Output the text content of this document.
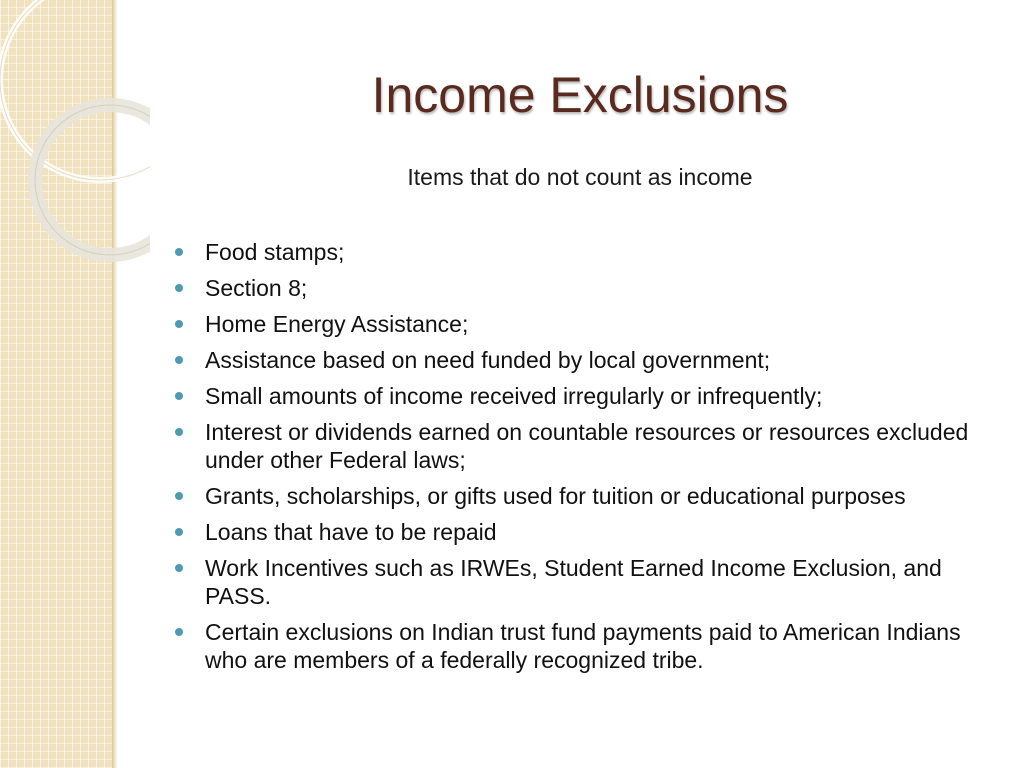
Income Exclusions

Items that do not count as income

Food stamps;
Section 8;
Home Energy Assistance;
Assistance based on need funded by local government;
Small amounts of income received irregularly or infrequently;
Interest or dividends earned on countable resources or resources excluded under other Federal laws;
Grants, scholarships, or gifts used for tuition or educational purposes
Loans that have to be repaid
Work Incentives such as IRWEs, Student Earned Income Exclusion, and PASS.
Certain exclusions on Indian trust fund payments paid to American Indians who are members of a federally recognized tribe.
